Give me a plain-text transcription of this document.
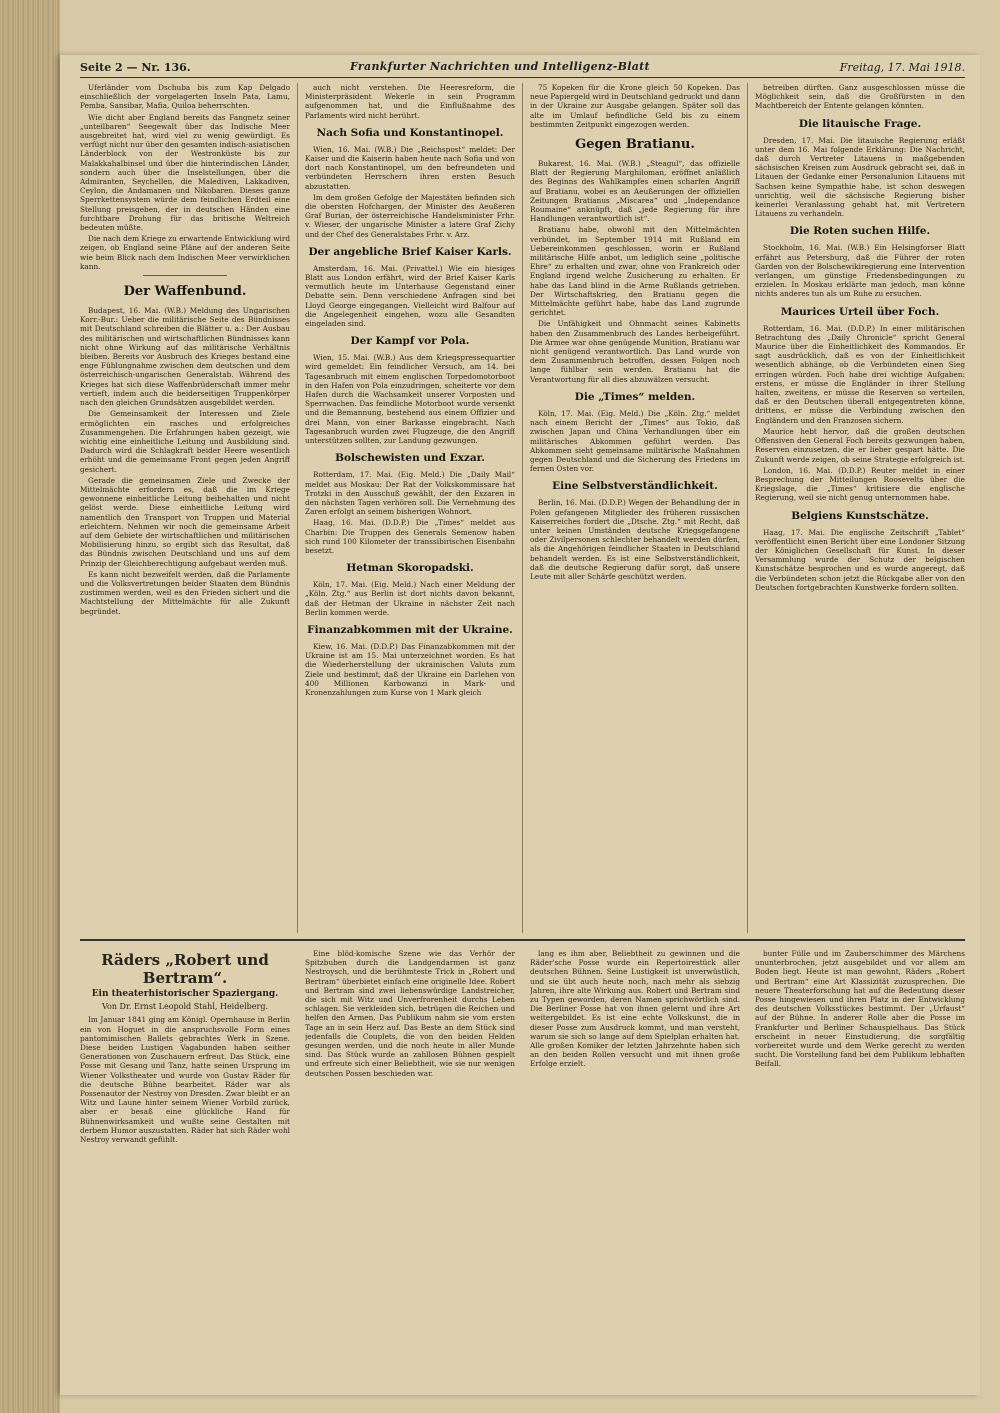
Seite 2 — Nr. 136.	Frankfurter Nachrichten und Intelligenz-Blatt	Freitag, 17. Mai 1918.

Uferländer vom Dschuba bis zum Kap Delgado einschließlich der vorgelagerten Inseln Pata, Lamu, Pemba, Sansibar, Mafia, Quiloa beherrschten.

Wie dicht aber England bereits das Fangnetz seiner „unteilbaren“ Seegewalt über das Indische Meer ausgebreitet hat, wird viel zu wenig gewürdigt. Es verfügt nicht nur über den gesamten indisch-asiatischen Länderblock von der Westronküste bis zur Malakkahalbinsel und über die hinterindischen Länder, sondern auch über die Inselstellungen, über die Admiranten, Seychellen, die Malediven, Lakkadiven, Ceylon, die Andamanen und Nikobaren. Dieses ganze Sperrkettensystem würde dem feindlichen Erdteil eine Stellung preisgeben, der in deutschen Händen eine furchtbare Drohung für das britische Weltreich bedeuten müßte.

Die nach dem Kriege zu erwartende Entwicklung wird zeigen, ob England seine Pläne auf der anderen Seite wie beim Blick nach dem Indischen Meer verwirklichen kann.

Der Waffenbund.

Budapest, 16. Mai. (W.B.) Meldung des Ungarischen Korr.-Bur.: Ueber die militärische Seite des Bündnisses mit Deutschland schreiben die Blätter u. a.: Der Ausbau des militärischen und wirtschaftlichen Bündnisses kann nicht ohne Wirkung auf das militärische Verhältnis bleiben. Bereits vor Ausbruch des Krieges bestand eine enge Fühlungnahme zwischen dem deutschen und dem österreichisch-ungarischen Generalstab. Während des Krieges hat sich diese Waffenbrüderschaft immer mehr vertieft, indem auch die beiderseitigen Truppenkörper nach den gleichen Grundsätzen ausgebildet werden.

Die Gemeinsamkeit der Interessen und Ziele ermöglichten ein rasches und erfolgreiches Zusammengehen. Die Erfahrungen haben gezeigt, wie wichtig eine einheitliche Leitung und Ausbildung sind. Dadurch wird die Schlagkraft beider Heere wesentlich erhöht und die gemeinsame Front gegen jeden Angriff gesichert.

Gerade die gemeinsamen Ziele und Zwecke der Mittelmächte erfordern es, daß die im Kriege gewonnene einheitliche Leitung beibehalten und nicht gelöst werde. Diese einheitliche Leitung wird namentlich den Transport von Truppen und Material erleichtern. Nehmen wir noch die gemeinsame Arbeit auf dem Gebiete der wirtschaftlichen und militärischen Mobilisierung hinzu, so ergibt sich das Resultat, daß das Bündnis zwischen Deutschland und uns auf dem Prinzip der Gleichberechtigung aufgebaut werden muß.

Es kann nicht bezweifelt werden, daß die Parlamente und die Volksvertretungen beider Staaten dem Bündnis zustimmen werden, weil es den Frieden sichert und die Machtstellung der Mittelmächte für alle Zukunft begründet.

auch nicht verstehen. Die Heeresreform, die Ministerpräsident Wekerle in sein Programm aufgenommen hat, und die Einflußnahme des Parlaments wird nicht berührt.

Nach Sofia und Konstantinopel.

Wien, 16. Mai. (W.B.) Die „Reichspost“ meldet: Der Kaiser und die Kaiserin haben heute nach Sofia und von dort nach Konstantinopel, um den befreundeten und verbündeten Herrschern ihren ersten Besuch abzustatten.

Im dem großen Gefolge der Majestäten befinden sich die obersten Hofchargen, der Minister des Aeußeren Graf Burian, der österreichische Handelsminister Frhr. v. Wieser, der ungarische Minister a latere Graf Zichy und der Chef des Generalstabes Frhr. v. Arz.

Der angebliche Brief Kaiser Karls.

Amsterdam, 16. Mai. (Privattel.) Wie ein hiesiges Blatt aus London erfährt, wird der Brief Kaiser Karls vermutlich heute im Unterhause Gegenstand einer Debatte sein. Denn verschiedene Anfragen sind bei Lloyd George eingegangen. Vielleicht wird Balfour auf die Angelegenheit eingehen, wozu alle Gesandten eingeladen sind.

Der Kampf vor Pola.

Wien, 15. Mai. (W.B.) Aus dem Kriegspressequartier wird gemeldet: Ein feindlicher Versuch, am 14. bei Tagesanbruch mit einem englischen Torpedomotorboot in den Hafen von Pola einzudringen, scheiterte vor dem Hafen durch die Wachsamkeit unserer Vorposten und Sperrwachen. Das feindliche Motorboot wurde versenkt und die Bemannung, bestehend aus einem Offizier und drei Mann, von einer Barkasse eingebracht. Nach Tagesanbruch wurden zwei Flugzeuge, die den Angriff unterstützen sollten, zur Landung gezwungen.

Bolschewisten und Exzar.

Rotterdam, 17. Mai. (Eig. Meld.) Die „Daily Mail“ meldet aus Moskau: Der Rat der Volkskommissare hat Trotzki in den Ausschuß gewählt, der den Exzaren in den nächsten Tagen verhören soll. Die Vernehmung des Zaren erfolgt an seinem bisherigen Wohnort.

Haag, 16. Mai. (D.D.P.) Die „Times“ meldet aus Charbin: Die Truppen des Generals Semenow haben sich rund 100 Kilometer der transsibirischen Eisenbahn besetzt.

Hetman Skoropadski.

Köln, 17. Mai. (Eig. Meld.) Nach einer Meldung der „Köln. Ztg.“ aus Berlin ist dort nichts davon bekannt, daß der Hetman der Ukraine in nächster Zeit nach Berlin kommen werde.

Finanzabkommen mit der Ukraine.

Kiew, 16. Mai. (D.D.P.) Das Finanzabkommen mit der Ukraine ist am 15. Mai unterzeichnet worden. Es hat die Wiederherstellung der ukrainischen Valuta zum Ziele und bestimmt, daß der Ukraine ein Darlehen von 400 Millionen Karbowanzi in Mark- und Kronenzahlungen zum Kurse von 1 Mark gleich

75 Kopeken für die Krone gleich 50 Kopeken. Das neue Papiergeld wird in Deutschland gedruckt und dann in der Ukraine zur Ausgabe gelangen. Später soll das alte im Umlauf befindliche Geld bis zu einem bestimmten Zeitpunkt eingezogen werden.

Gegen Bratianu.

Bukarest, 16. Mai. (W.B.) „Steagul“, das offizielle Blatt der Regierung Marghiloman, eröffnet anläßlich des Beginns des Wahlkampfes einen scharfen Angriff auf Bratianu, wobei es an Aeußerungen der offiziellen Zeitungen Bratianus „Miscarea“ und „Independance Roumaine“ anknüpft, daß „jede Regierung für ihre Handlungen verantwortlich ist“.

Bratianu habe, obwohl mit den Mittelmächten verbündet, im September 1914 mit Rußland ein Uebereinkommen geschlossen, worin er Rußland militärische Hilfe anbot, um lediglich seine „politische Ehre“ zu erhalten und zwar, ohne von Frankreich oder England irgend welche Zusicherung zu erhalten. Er habe das Land blind in die Arme Rußlands getrieben. Der Wirtschaftskrieg, den Bratianu gegen die Mittelmächte geführt habe, habe das Land zugrunde gerichtet.

Die Unfähigkeit und Ohnmacht seines Kabinetts haben den Zusammenbruch des Landes herbeigeführt. Die Armee war ohne genügende Munition, Bratianu war nicht genügend verantwortlich. Das Land wurde von dem Zusammenbruch betroffen, dessen Folgen noch lange fühlbar sein werden. Bratianu hat die Verantwortung für all dies abzuwälzen versucht.

Die „Times“ melden.

Köln, 17. Mai. (Eig. Meld.) Die „Köln. Ztg.“ meldet nach einem Bericht der „Times“ aus Tokio, daß zwischen Japan und China Verhandlungen über ein militärisches Abkommen geführt werden. Das Abkommen sieht gemeinsame militärische Maßnahmen gegen Deutschland und die Sicherung des Friedens im fernen Osten vor.

Eine Selbstverständlichkeit.

Berlin, 16. Mai. (D.D.P.) Wegen der Behandlung der in Polen gefangenen Mitglieder des früheren russischen Kaiserreiches fordert die „Dtsche. Ztg.“ mit Recht, daß unter keinen Umständen deutsche Kriegsgefangene oder Zivilpersonen schlechter behandelt werden dürfen, als die Angehörigen feindlicher Staaten in Deutschland behandelt werden. Es ist eine Selbstverständlichkeit, daß die deutsche Regierung dafür sorgt, daß unsere Leute mit aller Schärfe geschützt werden.

betreiben dürften. Ganz ausgeschlossen müsse die Möglichkeit sein, daß die Großfürsten in den Machtbereich der Entente gelangen könnten.

Die litauische Frage.

Dresden, 17. Mai. Die litauische Regierung erläßt unter dem 16. Mai folgende Erklärung: Die Nachricht, daß durch Vertreter Litauens in maßgebenden sächsischen Kreisen zum Ausdruck gebracht sei, daß in Litauen der Gedanke einer Personalunion Litauens mit Sachsen keine Sympathie habe, ist schon deswegen unrichtig, weil die sächsische Regierung bisher keinerlei Veranlassung gehabt hat, mit Vertretern Litauens zu verhandeln.

Die Roten suchen Hilfe.

Stockholm, 16. Mai. (W.B.) Ein Helsingforser Blatt erfährt aus Petersburg, daß die Führer der roten Garden von der Bolschewikiregierung eine Intervention verlangen, um günstige Friedensbedingungen zu erzielen. In Moskau erklärte man jedoch, man könne nichts anderes tun als um Ruhe zu ersuchen.

Maurices Urteil über Foch.

Rotterdam, 16. Mai. (D.D.P.) In einer militärischen Betrachtung des „Daily Chronicle“ spricht General Maurice über die Einheitlichkeit des Kommandos. Er sagt ausdrücklich, daß es von der Einheitlichkeit wesentlich abhänge, ob die Verbündeten einen Sieg erringen würden. Foch habe drei wichtige Aufgaben: erstens, er müsse die Engländer in ihrer Stellung halten, zweitens, er müsse die Reserven so verteilen, daß er den Deutschen überall entgegentreten könne, drittens, er müsse die Verbindung zwischen den Engländern und den Franzosen sichern.

Maurice hebt hervor, daß die großen deutschen Offensiven den General Foch bereits gezwungen haben, Reserven einzusetzen, die er lieber gespart hätte. Die Zukunft werde zeigen, ob seine Strategie erfolgreich ist.

London, 16. Mai. (D.D.P.) Reuter meldet in einer Besprechung der Mitteilungen Roosevelts über die Kriegslage, die „Times“ kritisiere die englische Regierung, weil sie nicht genug unternommen habe.

Belgiens Kunstschätze.

Haag, 17. Mai. Die englische Zeitschrift „Tablet“ veröffentlicht einen Bericht über eine Londoner Sitzung der Königlichen Gesellschaft für Kunst. In dieser Versammlung wurde der Schutz der belgischen Kunstschätze besprochen und es wurde angeregt, daß die Verbündeten schon jetzt die Rückgabe aller von den Deutschen fortgebrachten Kunstwerke fordern sollten.

Räders „Robert und Bertram“.
Ein theaterhistorischer Spaziergang.
Von Dr. Ernst Leopold Stahl, Heidelberg.

Im Januar 1841 ging am Königl. Opernhause in Berlin ein von Hoguet in die anspruchsvolle Form eines pantomimischen Ballets gebrachtes Werk in Szene. Diese beiden Lustigen Vagabunden haben seither Generationen von Zuschauern erfreut. Das Stück, eine Posse mit Gesang und Tanz, hatte seinen Ursprung im Wiener Volkstheater und wurde von Gustav Räder für die deutsche Bühne bearbeitet. Räder war als Possenautor der Nestroy von Dresden. Zwar bleibt er an Witz und Laune hinter seinem Wiener Vorbild zurück, aber er besaß eine glückliche Hand für Bühnenwirksamkeit und wußte seine Gestalten mit derbem Humor auszustatten. Räder hat sich Räder wohl Nestroy verwandt gefühlt.

Eine blöd-komische Szene wie das Verhör der Spitzbuben durch die Landgendarmen ist ganz Nestroysch, und die berühmteste Trick in „Robert und Bertram“ überbietet einfach eine originelle Idee. Robert und Bertram sind zwei liebenswürdige Landstreicher, die sich mit Witz und Unverfrorenheit durchs Leben schlagen. Sie verkleiden sich, betrügen die Reichen und helfen den Armen. Das Publikum nahm sie vom ersten Tage an in sein Herz auf. Das Beste an dem Stück sind jedenfalls die Couplets, die von den beiden Helden gesungen werden, und die noch heute in aller Munde sind. Das Stück wurde an zahllosen Bühnen gespielt und erfreute sich einer Beliebtheit, wie sie nur wenigen deutschen Possen beschieden war.

lang es ihm aber, Beliebtheit zu gewinnen und die Räder'sche Posse wurde ein Repertoirestück aller deutschen Bühnen. Seine Lustigkeit ist unverwüstlich, und sie übt auch heute noch, nach mehr als siebzig Jahren, ihre alte Wirkung aus. Robert und Bertram sind zu Typen geworden, deren Namen sprichwörtlich sind. Die Berliner Posse hat von ihnen gelernt und ihre Art weitergebildet. Es ist eine echte Volkskunst, die in dieser Posse zum Ausdruck kommt, und man versteht, warum sie sich so lange auf dem Spielplan erhalten hat. Alle großen Komiker der letzten Jahrzehnte haben sich an den beiden Rollen versucht und mit ihnen große Erfolge erzielt.

bunter Fülle und im Zauberschimmer des Märchens ununterbrochen, jetzt ausgebildet und vor allem am Boden liegt. Heute ist man gewohnt, Räders „Robert und Bertram“ eine Art Klassizität zuzusprechen. Die neuere Theaterforschung hat auf die Bedeutung dieser Posse hingewiesen und ihren Platz in der Entwicklung des deutschen Volksstückes bestimmt. Der „Urfaust“ auf der Bühne. In anderer Rolle aber die Posse im Frankfurter und Berliner Schauspielhaus. Das Stück erscheint in neuer Einstudierung, die sorgfältig vorbereitet wurde und dem Werke gerecht zu werden sucht. Die Vorstellung fand bei dem Publikum lebhaften Beifall.
